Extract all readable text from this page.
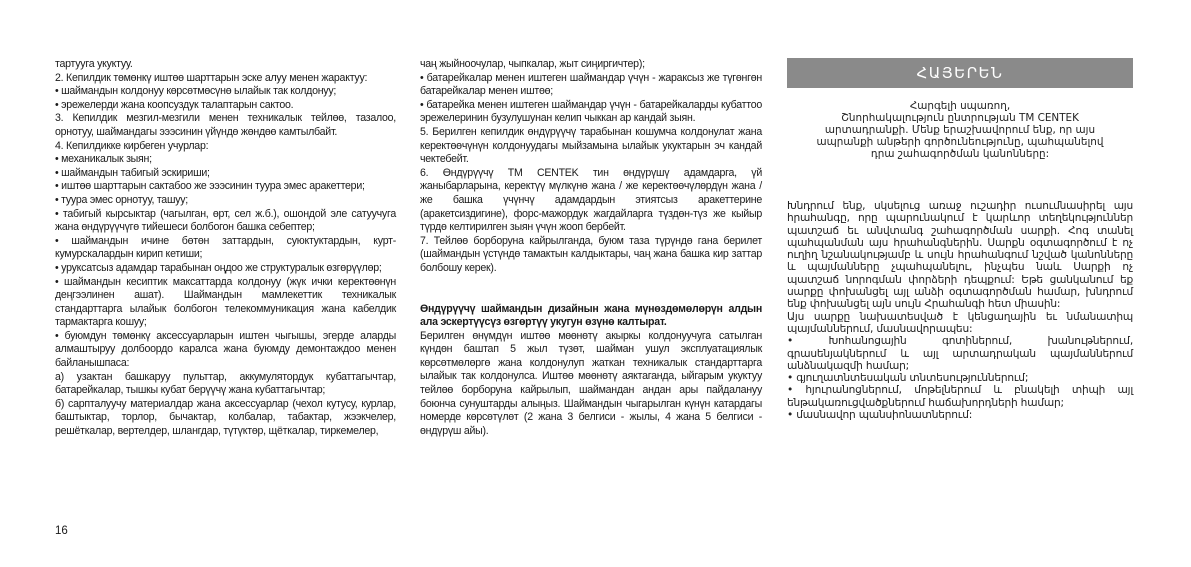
тартууга укуктуу.

2. Кепилдик төмөнкү иштөө шарттарын эске алуу менен жарактуу:

• шаймандын колдонуу көрсөтмөсүнө ылайык так колдонуу;

• эрежелерди жана коопсуздук талаптарын сактоо.

3. Кепилдик мезгил-мезгили менен техникалык тейлөө, тазалоо, орнотуу, шаймандагы эээсинин үйүндө жөндөө камтылбайт.

4. Кепилдикке кирбеген учурлар:

• механикалык зыян;

• шаймандын табигый эскириши;

• иштөө шарттарын сактабоо же эээсинин туура эмес аракеттери;

• туура эмес орнотуу, ташуу;

• табигый кырсыктар (чагылган, өрт, сел ж.б.), ошондой эле сатуучуга жана өндүрүүчүгө тийешеси болбогон башка себептер;

• шаймандын ичине бөтөн заттардын, суюктуктардын, курт-кумурскалардын кирип кетиши;

• уруксатсыз адамдар тарабынан оңдоо же структуралык өзгөрүүлөр;

• шаймандын кесиптик максаттарда колдонуу (жүк ички керектөөнүн деңгээлинен ашат). Шаймандын мамлекеттик техникалык стандарттарга ылайык болбогон телекоммуникация жана кабелдик тармактарга кошуу;

• буюмдун төмөнкү аксессуарларын иштен чыгышы, эгерде аларды алмаштыруу долбоордо каралса жана буюмду демонтаждоо менен байланышпаса:

а) узактан башкаруу пульттар, аккумулятордук кубаттагычтар, батарейкалар, тышкы кубат берүүчү жана кубаттагычтар;

б) сарпталуучу материалдар жана аксессуарлар (чехол кутусу, курлар, баштыктар, торлор, бычактар, колбалар, табактар, жээкчелер, решёткалар, вертелдер, шлангдар, түтүктөр, щёткалар, тиркемелер,

чаң жыйноочулар, чыпкалар, жыт сиңиргичтер);

• батарейкалар менен иштеген шаймандар үчүн - жараксыз же түгөнгөн батарейкалар менен иштөө;

• батарейка менен иштеген шаймандар үчүн - батарейкаларды кубаттоо эрежелеринин бузулушунан келип чыккан ар кандай зыян.

5. Берилген кепилдик өндүрүүчү тарабынан кошумча колдонулат жана керектөөчүнүн колдонуудагы мыйзамына ылайык укуктарын эч кандай чектебейт.

6. Өндүрүүчү TM CENTEK тин өндүрүшү адамдарга, үй жаныбарларына, керектүү мүлкүнө жана / же керектөөчүлөрдүн жана / же башка үчүнчү адамдардын этиятсыз аракеттерине (аракетсиздигине), форс-мажордук жагдайларга түздөн-түз же кыйыр түрдө келтирилген зыян үчүн жооп бербейт.

7. Тейлөө борборуна кайрылганда, буюм таза түрүндө гана берилет (шаймандын үстүндө тамактын калдыктары, чаң жана башка кир заттар болбошу керек).

Өндүрүүчү шаймандын дизайнын жана мүнөздөмөлөрүн алдын ала эскертүүсүз өзгөртүү укугун өзүнө калтырат.

Берилген өнүмдүн иштөө мөөнөтү акыркы колдонуучуга сатылган күндөн баштап 5 жыл түзөт, шайман ушул эксплуатациялык көрсөтмөлөргө жана колдонулуп жаткан техникалык стандарттарга ылайык так колдонулса. Иштөө мөөнөтү аяктаганда, ыйгарым укуктуу тейлөө борборуна кайрылып, шаймандан андан ары пайдалануу боюнча сунуштарды алыңыз. Шаймандын чыгарылган күнүн катардагы номерде көрсөтүлөт (2 жана 3 белгиси - жылы, 4 жана 5 белгиси - өндүрүш айы).

ՀԱՅԵՐԵՆ

Հարգելի սպառող,

Շնորհակալություն ընտրության TM CENTEK

արտադրանքի. Մենք երաշխավորում ենք, որ այս

ապրանքի անթերի գործունեությունը, պահպանելով

դրա շահագործման կանոնները:

Խնդրում ենք, սկսելուց առաջ ուշադիր ուսումնասիրել այս հրահանգը, որը պարունակում է կարևոր տեղեկություններ պատշաճ եւ անվտանգ շահագործման սարքի. Հոգ տանել պահպանման այս հրահանգներին. Սարքն օգտագործում է ոչ ուղիղ նշանակությամբ և սույն հրահանգում նշված կանոնները և պայմանները չպահպանելու, ինչպես նաև Սարքի ոչ պատշաճ նորոգման փորձերի դեպքում: Եթե ցանկանում եք սարքը փոխանցել այլ անձի օգտագործման համար, խնդրում ենք փոխանցել այն սույն Հրահանգի հետ միասին:

Այս սարքը նախատեսված է կենցաղային եւ նմանատիպ պայմաններում, մասնավորապես:

• Խոհանոցային գոտիներում, խանութներում, գրասենյակներում և այլ արտադրական պայմաններում անձնակազմի համար;

• գյուղատնտեսական տնտեսություններում;

• հյուրանոցներում, մոթելներում և բնակելի տիպի այլ ենթակառուցվածքներում հաճախորդների համար;

• մասնավոր պանսիոնատներում:

16
